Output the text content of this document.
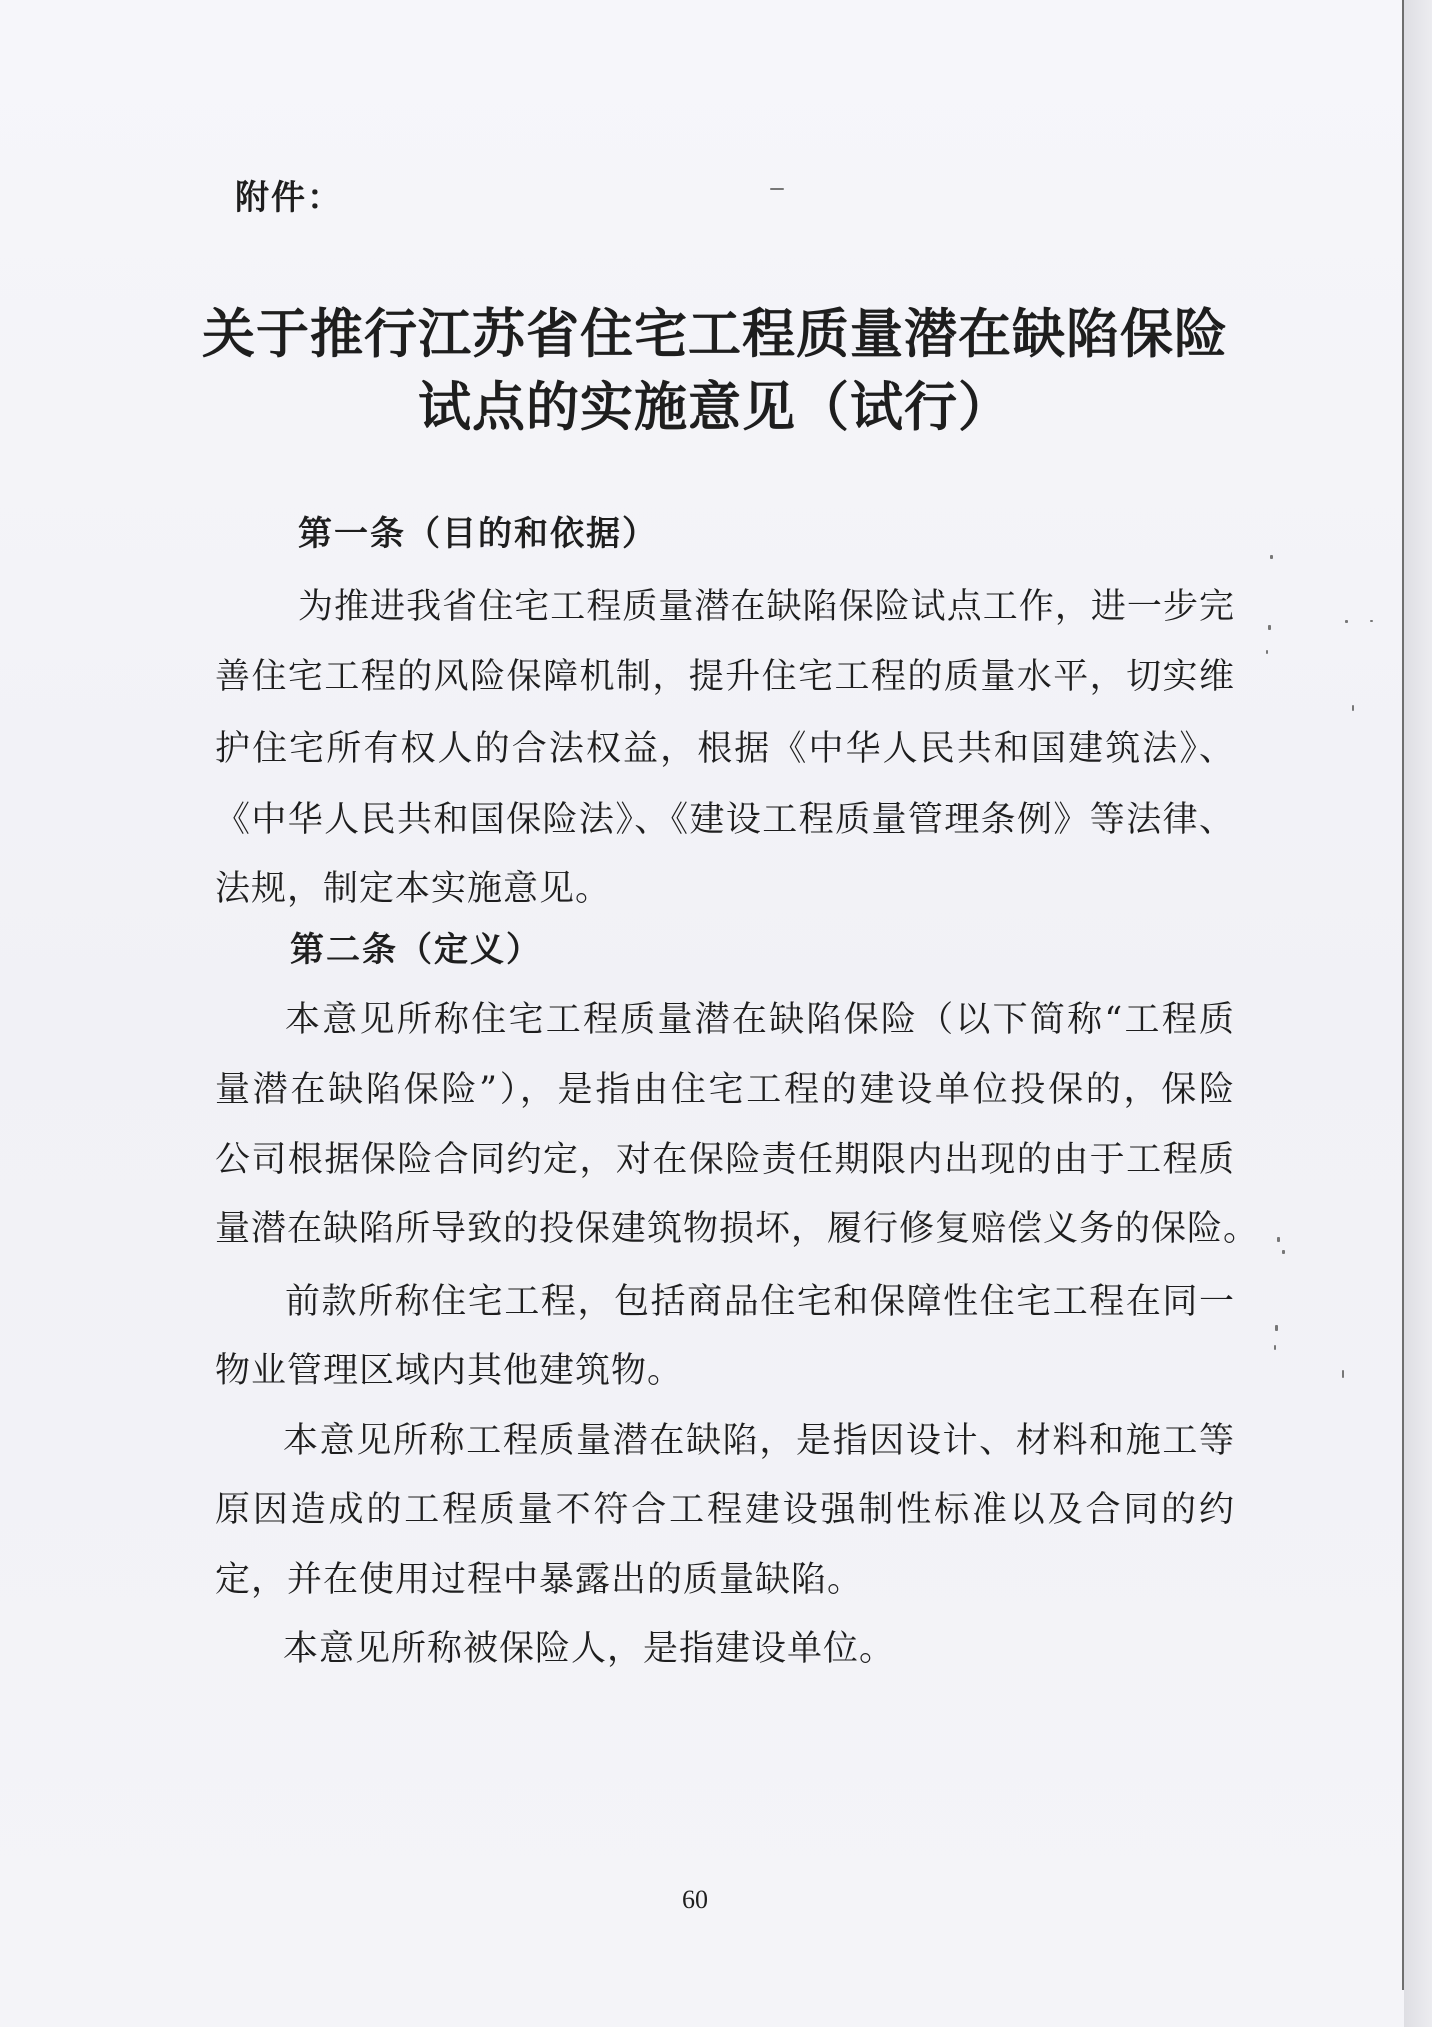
附件：
关于推行江苏省住宅工程质量潜在缺陷保险
试点的实施意见（试行）
第一条（目的和依据）
为推进我省住宅工程质量潜在缺陷保险试点工作，进一步完
善住宅工程的风险保障机制，提升住宅工程的质量水平，切实维
护住宅所有权人的合法权益，根据《中华人民共和国建筑法》、
《中华人民共和国保险法》、《建设工程质量管理条例》等法律、
法规，制定本实施意见。
第二条（定义）
本意见所称住宅工程质量潜在缺陷保险（以下简称“工程质
量潜在缺陷保险”），是指由住宅工程的建设单位投保的，保险
公司根据保险合同约定，对在保险责任期限内出现的由于工程质
量潜在缺陷所导致的投保建筑物损坏，履行修复赔偿义务的保险。
前款所称住宅工程，包括商品住宅和保障性住宅工程在同一
物业管理区域内其他建筑物。
本意见所称工程质量潜在缺陷，是指因设计、材料和施工等
原因造成的工程质量不符合工程建设强制性标准以及合同的约
定，并在使用过程中暴露出的质量缺陷。
本意见所称被保险人，是指建设单位。
60
